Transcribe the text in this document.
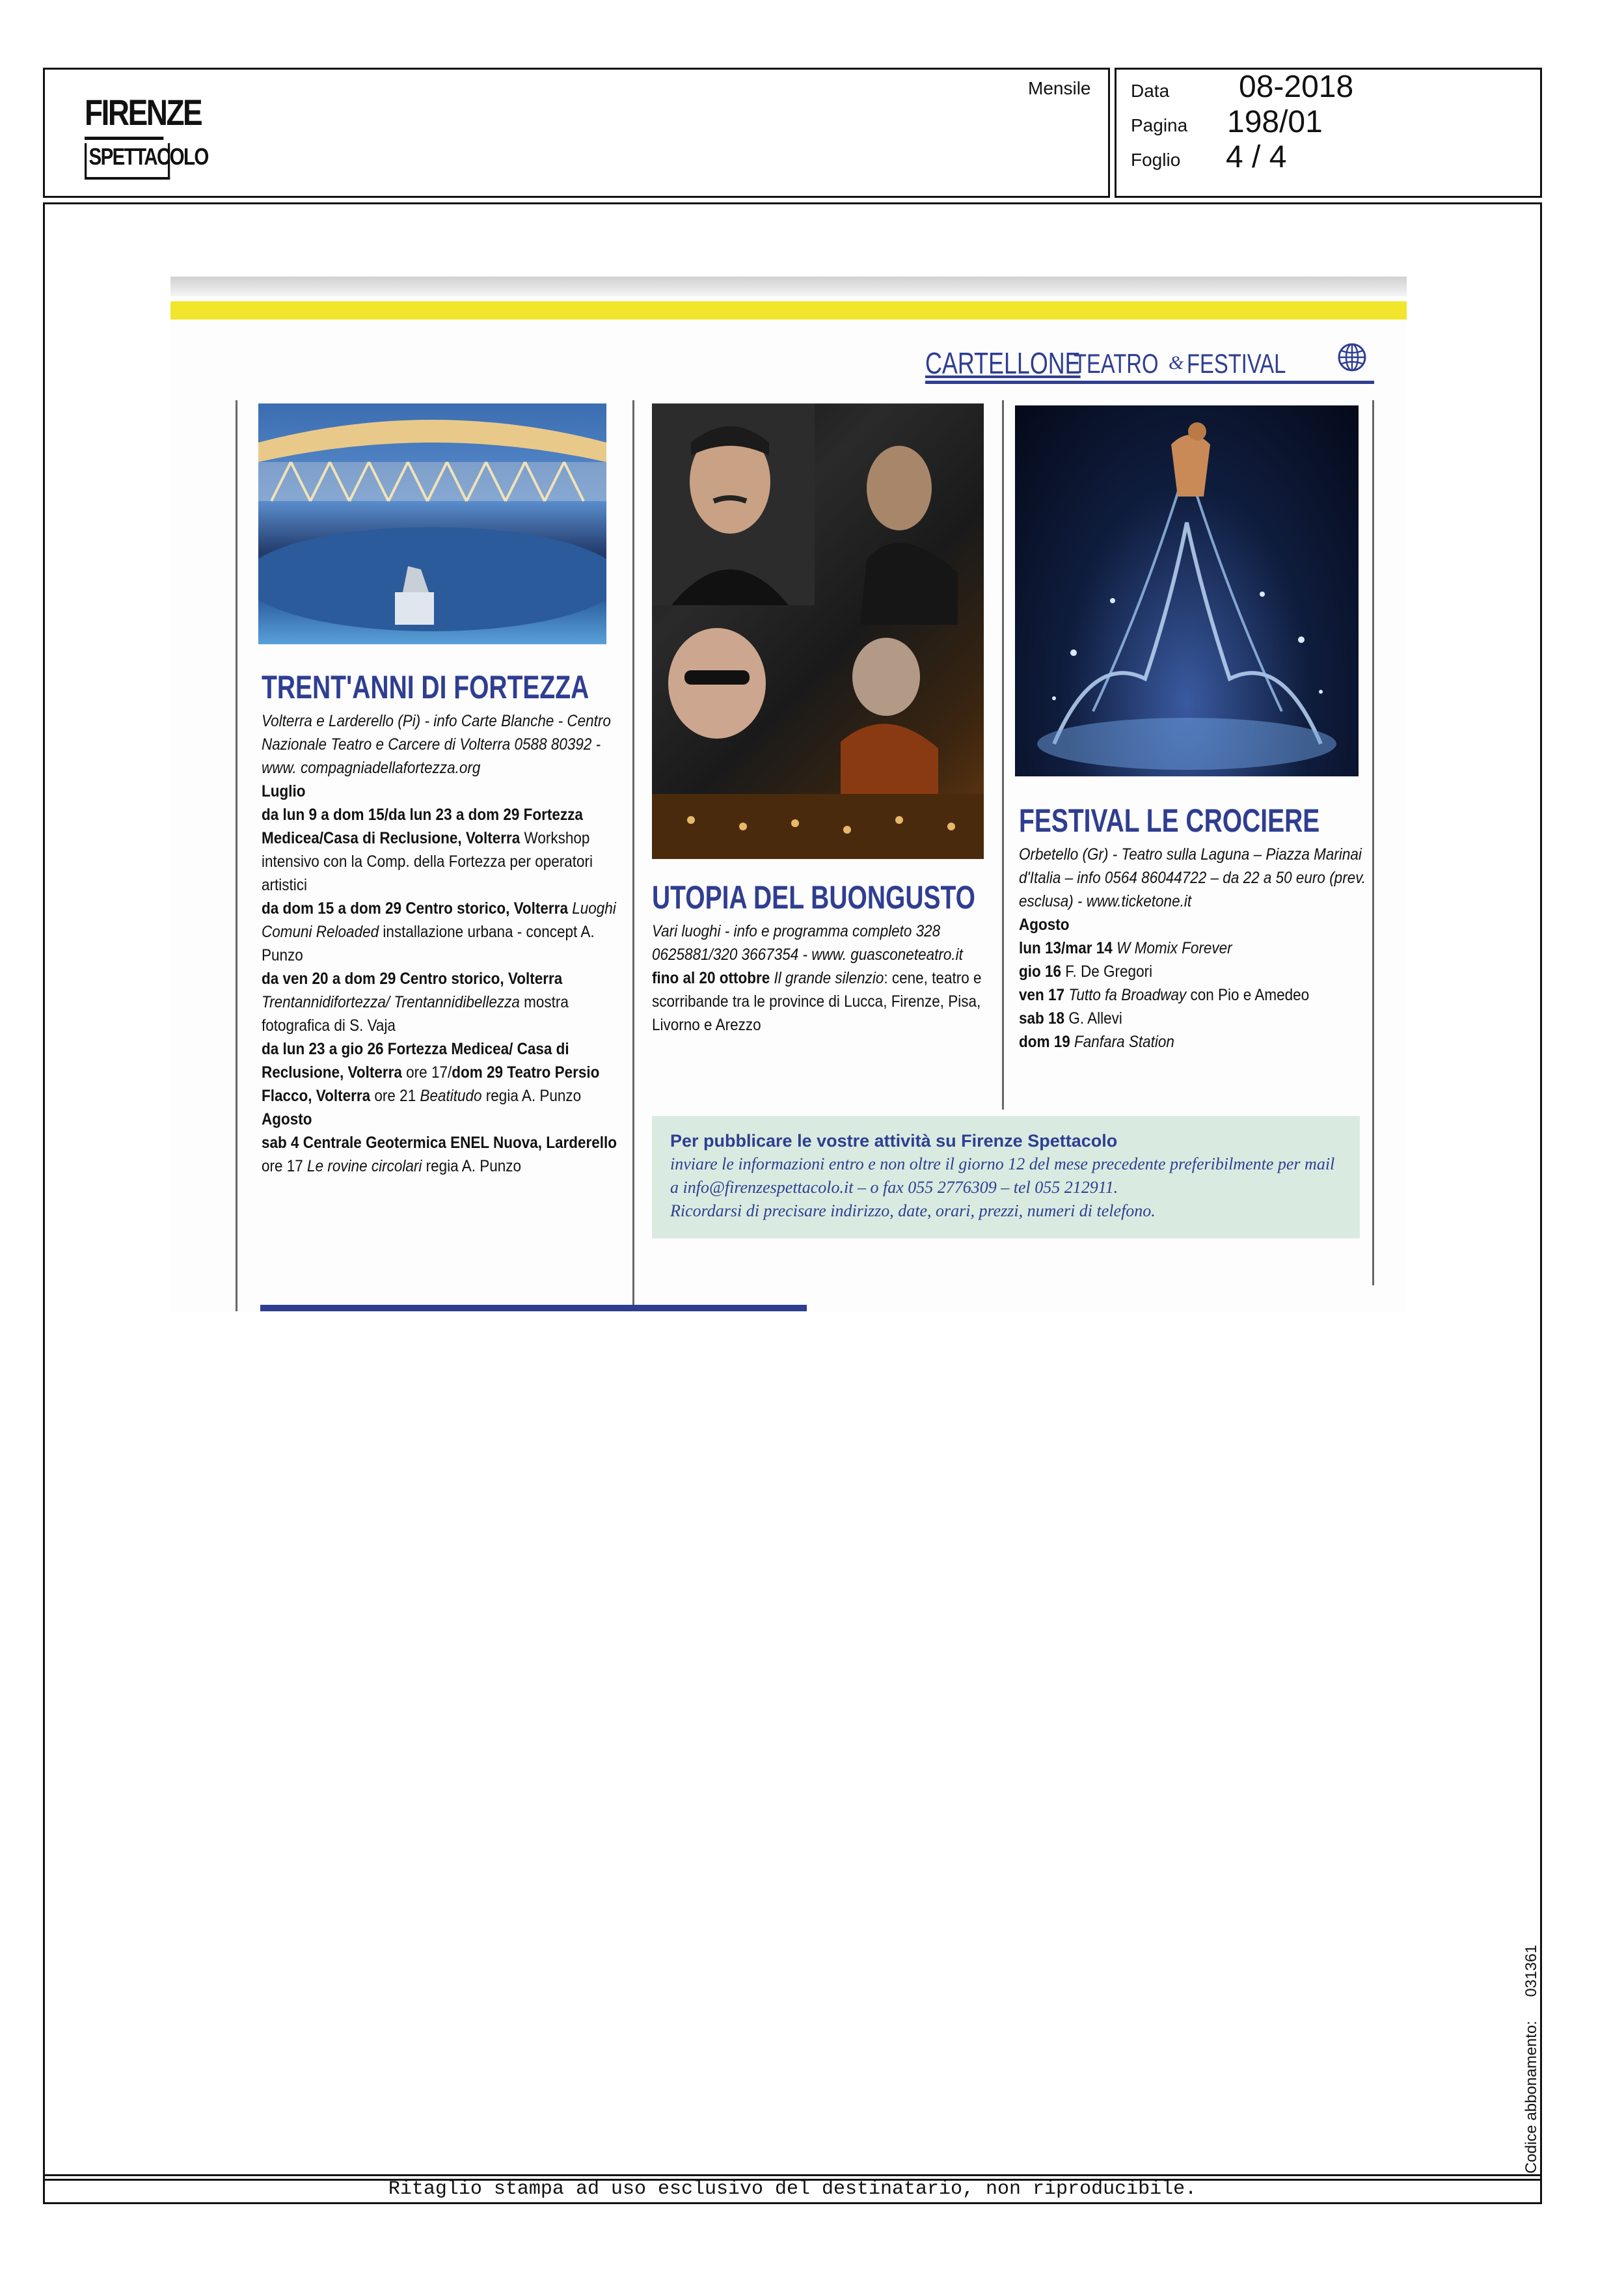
Ritaglio stampa ad uso esclusivo del destinatario, non riproducibile.
FIRENZE
SPETTACOLO
Mensile Data 08-2018
Pagina 198/01
Foglio 4 / 4
Codice abbonamento: 031361
CARTELLONE
TEATRO & FESTIVAL
TRENT'ANNI DI FORTEZZA

Volterra e Larderello (Pi) - info Carte Blanche - Centro Nazionale Teatro e Carcere di Volterra 0588 80392 - www. compagniadellafortezza.org

Luglio

da lun 9 a dom 15/da lun 23 a dom 29 Fortezza Medicea/Casa di Reclusione, Volterra Workshop intensivo con la Comp. della Fortezza per operatori artistici

da dom 15 a dom 29 Centro storico, Volterra Luoghi Comuni Reloaded installazione urbana - concept A. Punzo

da ven 20 a dom 29 Centro storico, Volterra Trentannidifortezza/ Trentannidibellezza mostra fotografica di S. Vaja

da lun 23 a gio 26 Fortezza Medicea/ Casa di Reclusione, Volterra ore 17/dom 29 Teatro Persio Flacco, Volterra ore 21 Beatitudo regia A. Punzo

Agosto

sab 4 Centrale Geotermica ENEL Nuova, Larderello ore 17 Le rovine circolari regia A. Punzo

UTOPIA DEL BUONGUSTO

Vari luoghi - info e programma completo 328 0625881/320 3667354 - www. guasconeteatro.it

fino al 20 ottobre Il grande silenzio: cene, teatro e scorribande tra le province di Lucca, Firenze, Pisa, Livorno e Arezzo

FESTIVAL LE CROCIERE

Orbetello (Gr) - Teatro sulla Laguna – Piazza Marinai d'Italia – info 0564 86044722 – da 22 a 50 euro (prev. esclusa) - www.ticketone.it

Agosto

lun 13/mar 14 W Momix Forever

gio 16 F. De Gregori

ven 17 Tutto fa Broadway con Pio e Amedeo

sab 18 G. Allevi

dom 19 Fanfara Station

Per pubblicare le vostre attività su Firenze Spettacolo
inviare le informazioni entro e non oltre il giorno 12 del mese precedente preferibilmente per mail a info@firenzespettacolo.it – o fax 055 2776309 – tel 055 212911.
Ricordarsi di precisare indirizzo, date, orari, prezzi, numeri di telefono.
